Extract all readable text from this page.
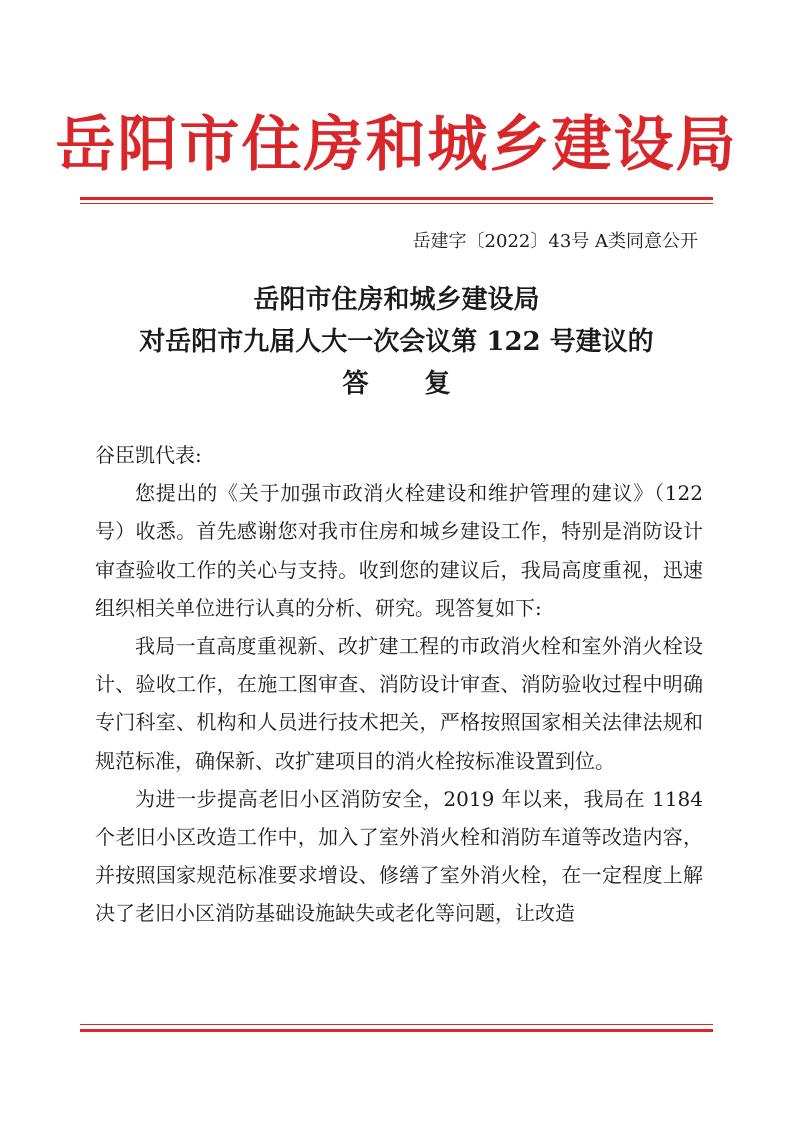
岳阳市住房和城乡建设局
岳建字〔2022〕43号 A类同意公开
岳阳市住房和城乡建设局
对岳阳市九届人大一次会议第 122 号建议的
答复

谷臣凯代表:

您提出的《关于加强市政消火栓建设和维护管理的建议》（122号）收悉。首先感谢您对我市住房和城乡建设工作，特别是消防设计审查验收工作的关心与支持。收到您的建议后，我局高度重视，迅速组织相关单位进行认真的分析、研究。现答复如下:

我局一直高度重视新、改扩建工程的市政消火栓和室外消火栓设计、验收工作，在施工图审查、消防设计审查、消防验收过程中明确专门科室、机构和人员进行技术把关，严格按照国家相关法律法规和规范标准，确保新、改扩建项目的消火栓按标准设置到位。

为进一步提高老旧小区消防安全，2019 年以来，我局在 1184 个老旧小区改造工作中，加入了室外消火栓和消防车道等改造内容，并按照国家规范标准要求增设、修缮了室外消火栓，在一定程度上解决了老旧小区消防基础设施缺失或老化等问题，让改造
